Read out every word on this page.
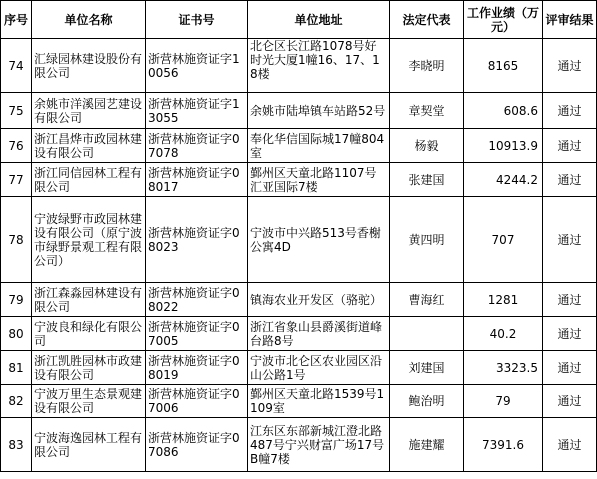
序号	单位名称	证书号	单位地址	法定代表	工作业绩（万元）	评审结果
74	汇绿园林建设股份有限公司	浙营林施资证字10056	北仑区长江路1078号好时光大厦1幢16、17、18楼	李晓明	8165	通过
75	余姚市洋溪园艺建设有限公司	浙营林施资证字13055	余姚市陆埠镇车站路52号	章契堂	608.6	通过
76	浙江昌烨市政园林建设有限公司	浙营林施资证字07078	奉化华信国际城17幢804室	杨毅	10913.9	通过
77	浙江同信园林工程有限公司	浙营林施资证字08017	鄞州区天童北路1107号汇亚国际7楼	张建国	4244.2	通过
78	宁波绿野市政园林建设有限公司（原宁波市绿野景观工程有限公司）	浙营林施资证字08023	宁波市中兴路513号香榭公寓4D	黄四明	707	通过
79	浙江森淼园林建设有限公司	浙营林施资证字08022	镇海农业开发区（骆驼）	曹海红	1281	通过
80	宁波良和绿化有限公司	浙营林施资证字07005	浙江省象山县爵溪街道峰台路8号		40.2	通过
81	浙江凯胜园林市政建设有限公司	浙营林施资证字08019	宁波市北仑区农业园区沿山公路1号	刘建国	3323.5	通过
82	宁波万里生态景观建设有限公司	浙营林施资证字07006	鄞州区天童北路1539号1109室	鲍治明	79	通过
83	宁波海逸园林工程有限公司	浙营林施资证字07086	江东区东部新城江澄北路487号宁兴财富广场17号B幢7楼	施建耀	7391.6	通过
